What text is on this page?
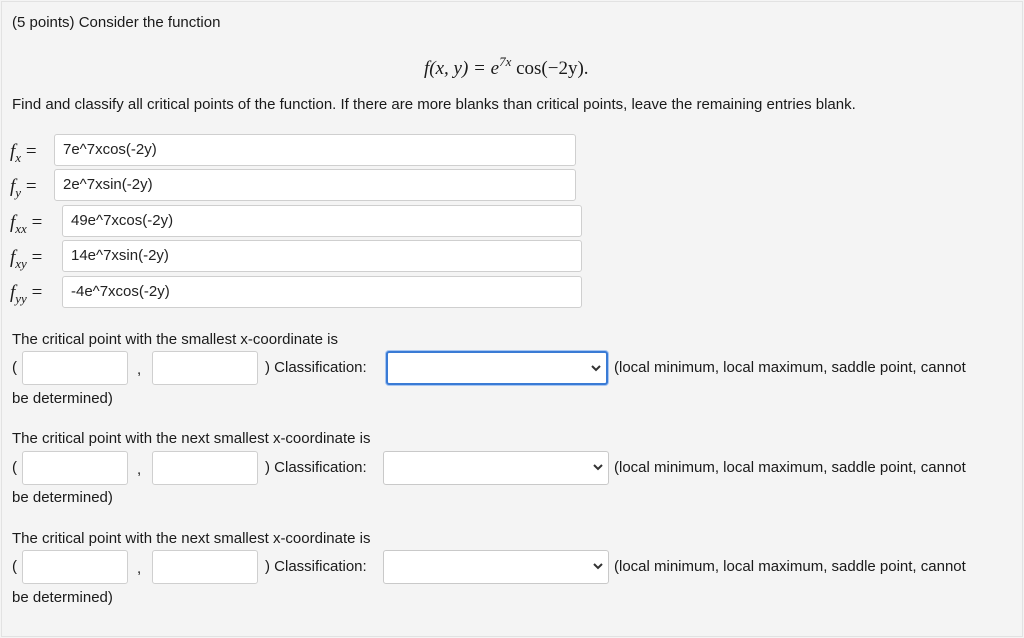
(5 points) Consider the function
f(x, $y) = e^{7x}$ cos(−2y).
Find and classify all critical points of the function. If there are more blanks than critical points, leave the remaining entries blank.
$f_x$ =	7e^7xcos(-2y)
$f_y$ =	2e^7xsin(-2y)
$f_{xx}$ =	49e^7xcos(-2y)
$f_{xy}$ =	14e^7xsin(-2y)
$f_{yy}$ =	-4e^7xcos(-2y)
The critical point with the smallest x-coordinate is
(	,	) Classification:	(local minimum, local maximum, saddle point, cannot
be determined)
The critical point with the next smallest x-coordinate is
(	,	) Classification:	(local minimum, local maximum, saddle point, cannot
be determined)
The critical point with the next smallest x-coordinate is
(	,	) Classification:	(local minimum, local maximum, saddle point, cannot
be determined)
